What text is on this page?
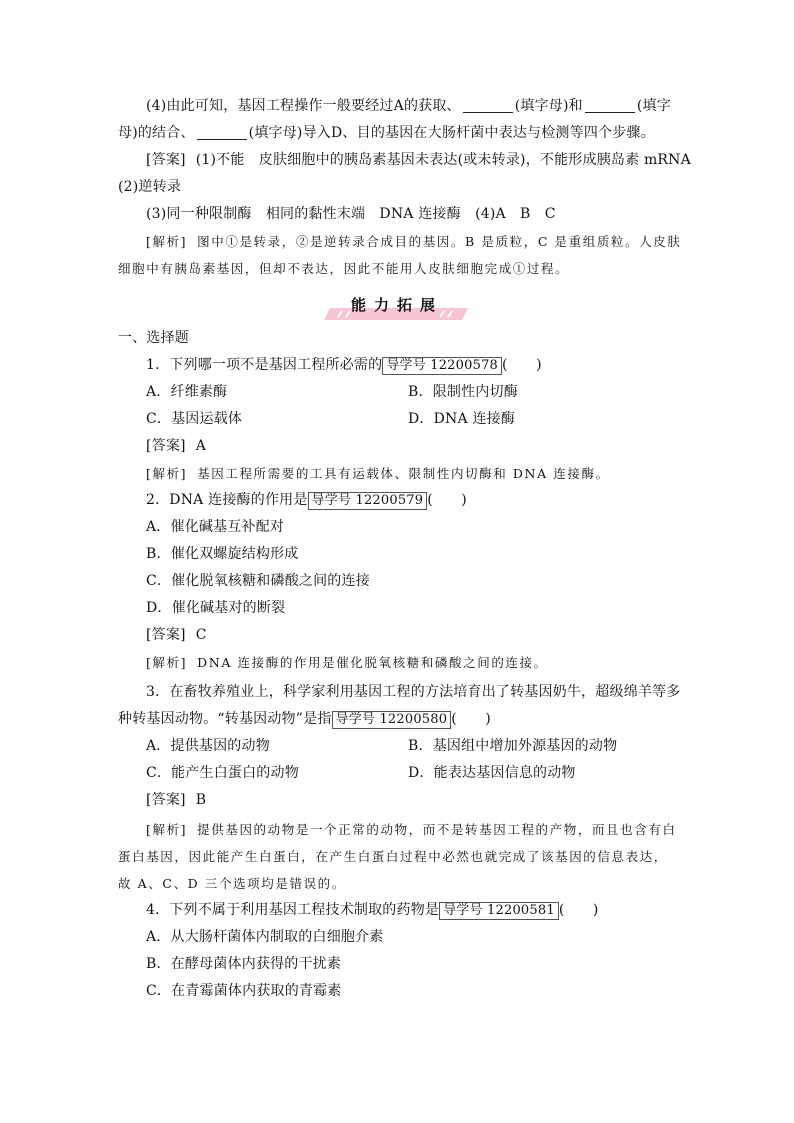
(4)由此可知，基因工程操作一般要经过A的获取、	(填字母)和	(填字
母)的结合、	(填字母)导入D、目的基因在大肠杆菌中表达与检测等四个步骤。
[答案] (1)不能　皮肤细胞中的胰岛素基因未表达(或未转录)，不能形成胰岛素 mRNA
(2)逆转录
(3)同一种限制酶　相同的黏性末端　DNA 连接酶　(4)A　B　C
[解析] 图中①是转录，②是逆转录合成目的基因。B 是质粒，C 是重组质粒。人皮肤
细胞中有胰岛素基因，但却不表达，因此不能用人皮肤细胞完成①过程。
能力拓展
一、选择题
1．下列哪一项不是基因工程所必需的 导学号 12200578 (　　)
A．纤维素酶	B．限制性内切酶
C．基因运载体	D．DNA 连接酶
[答案] A
[解析] 基因工程所需要的工具有运载体、限制性内切酶和 DNA 连接酶。
2．DNA 连接酶的作用是 导学号 12200579 (　　)
A．催化碱基互补配对
B．催化双螺旋结构形成
C．催化脱氧核糖和磷酸之间的连接
D．催化碱基对的断裂
[答案] C
[解析] DNA 连接酶的作用是催化脱氧核糖和磷酸之间的连接。
3．在畜牧养殖业上，科学家利用基因工程的方法培育出了转基因奶牛，超级绵羊等多
种转基因动物。“转基因动物”是指 导学号 12200580 (　　)
A．提供基因的动物	B．基因组中增加外源基因的动物
C．能产生白蛋白的动物	D．能表达基因信息的动物
[答案] B
[解析] 提供基因的动物是一个正常的动物，而不是转基因工程的产物，而且也含有白
蛋白基因，因此能产生白蛋白，在产生白蛋白过程中必然也就完成了该基因的信息表达，
故 A、C、D 三个选项均是错误的。
4．下列不属于利用基因工程技术制取的药物是 导学号 12200581 (　　)
A．从大肠杆菌体内制取的白细胞介素
B．在酵母菌体内获得的干扰素
C．在青霉菌体内获取的青霉素
